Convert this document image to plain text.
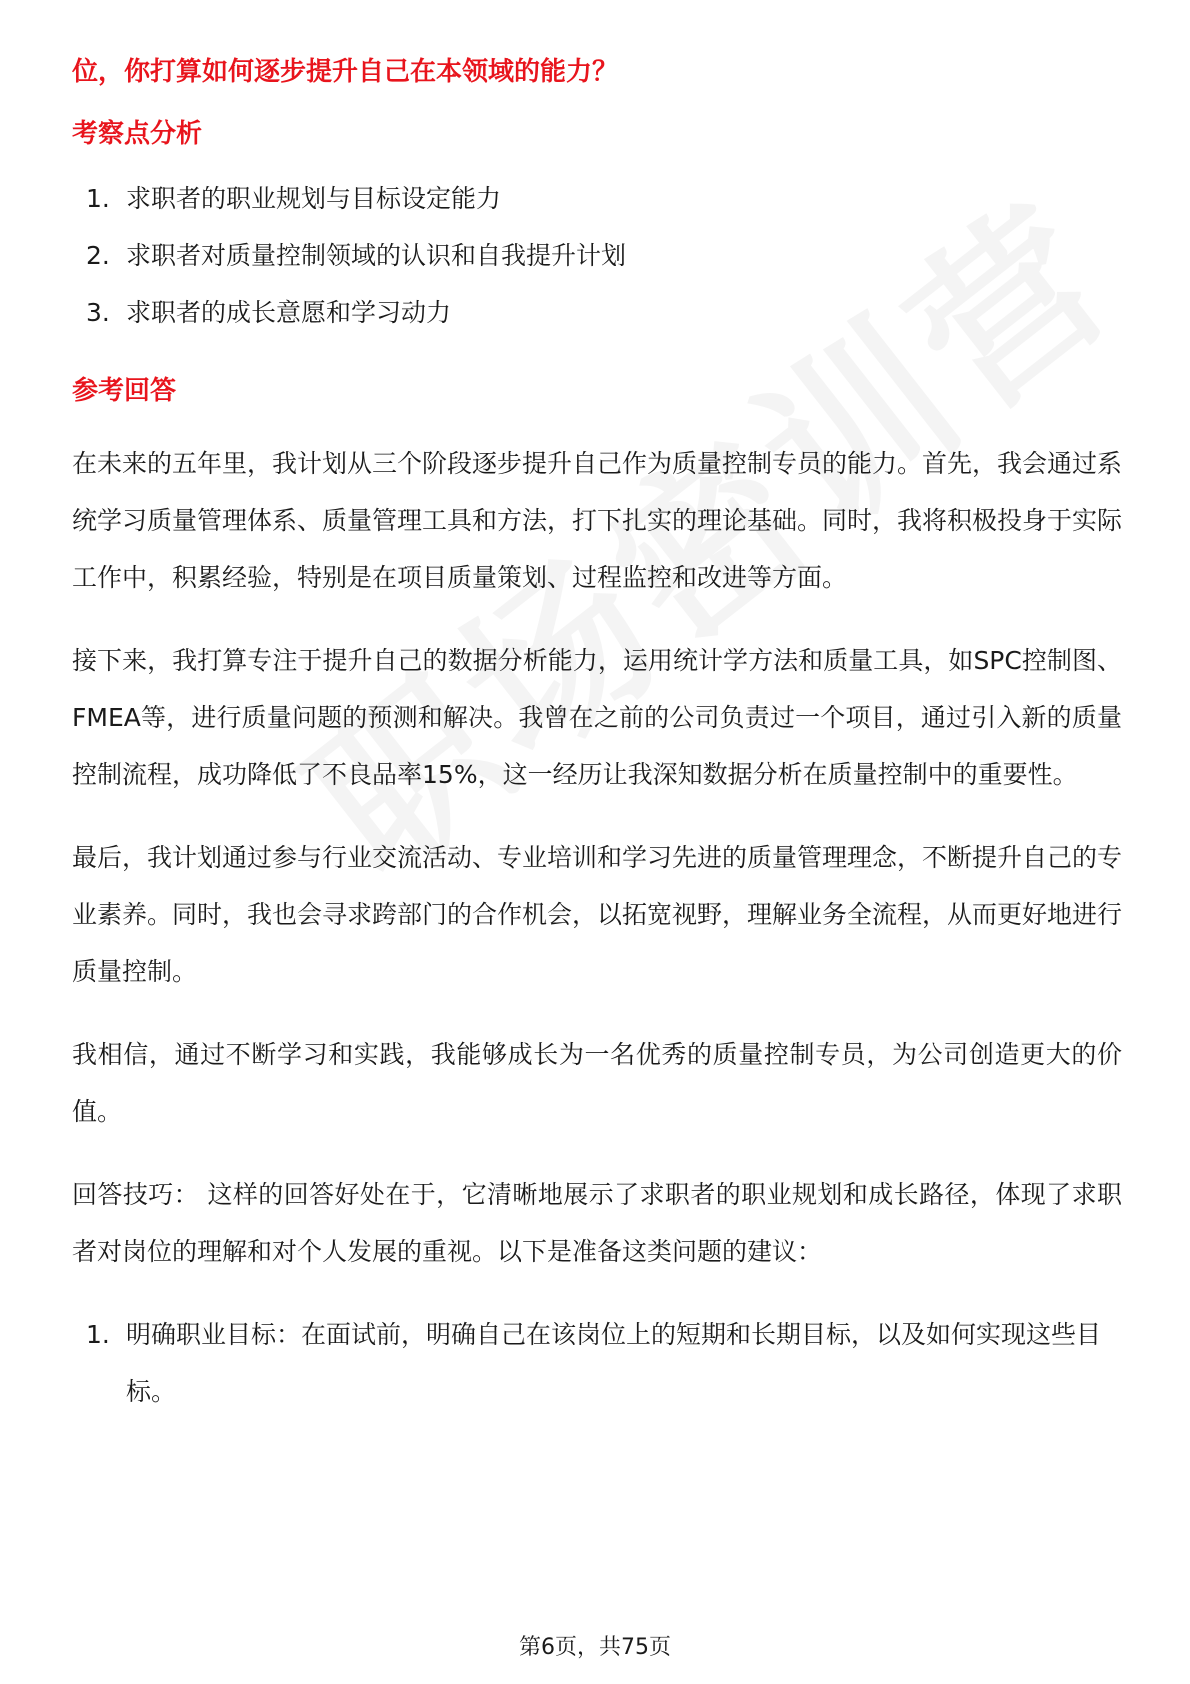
位，你打算如何逐步提升自己在本领域的能力？
考察点分析
1. 求职者的职业规划与目标设定能力
2. 求职者对质量控制领域的认识和自我提升计划
3. 求职者的成长意愿和学习动力
参考回答

在未来的五年里，我计划从三个阶段逐步提升自己作为质量控制专员的能力。首先，我会通过系统学习质量管理体系、质量管理工具和方法，打下扎实的理论基础。同时，我将积极投身于实际工作中，积累经验，特别是在项目质量策划、过程监控和改进等方面。

接下来，我打算专注于提升自己的数据分析能力，运用统计学方法和质量工具，如SPC控制图、FMEA等，进行质量问题的预测和解决。我曾在之前的公司负责过一个项目，通过引入新的质量控制流程，成功降低了不良品率15%，这一经历让我深知数据分析在质量控制中的重要性。

最后，我计划通过参与行业交流活动、专业培训和学习先进的质量管理理念，不断提升自己的专业素养。同时，我也会寻求跨部门的合作机会，以拓宽视野，理解业务全流程，从而更好地进行质量控制。

我相信，通过不断学习和实践，我能够成长为一名优秀的质量控制专员，为公司创造更大的价值。

回答技巧： 这样的回答好处在于，它清晰地展示了求职者的职业规划和成长路径，体现了求职者对岗位的理解和对个人发展的重视。以下是准备这类问题的建议：

1. 明确职业目标：在面试前，明确自己在该岗位上的短期和长期目标，以及如何实现这些目标。
第6页，共75页
